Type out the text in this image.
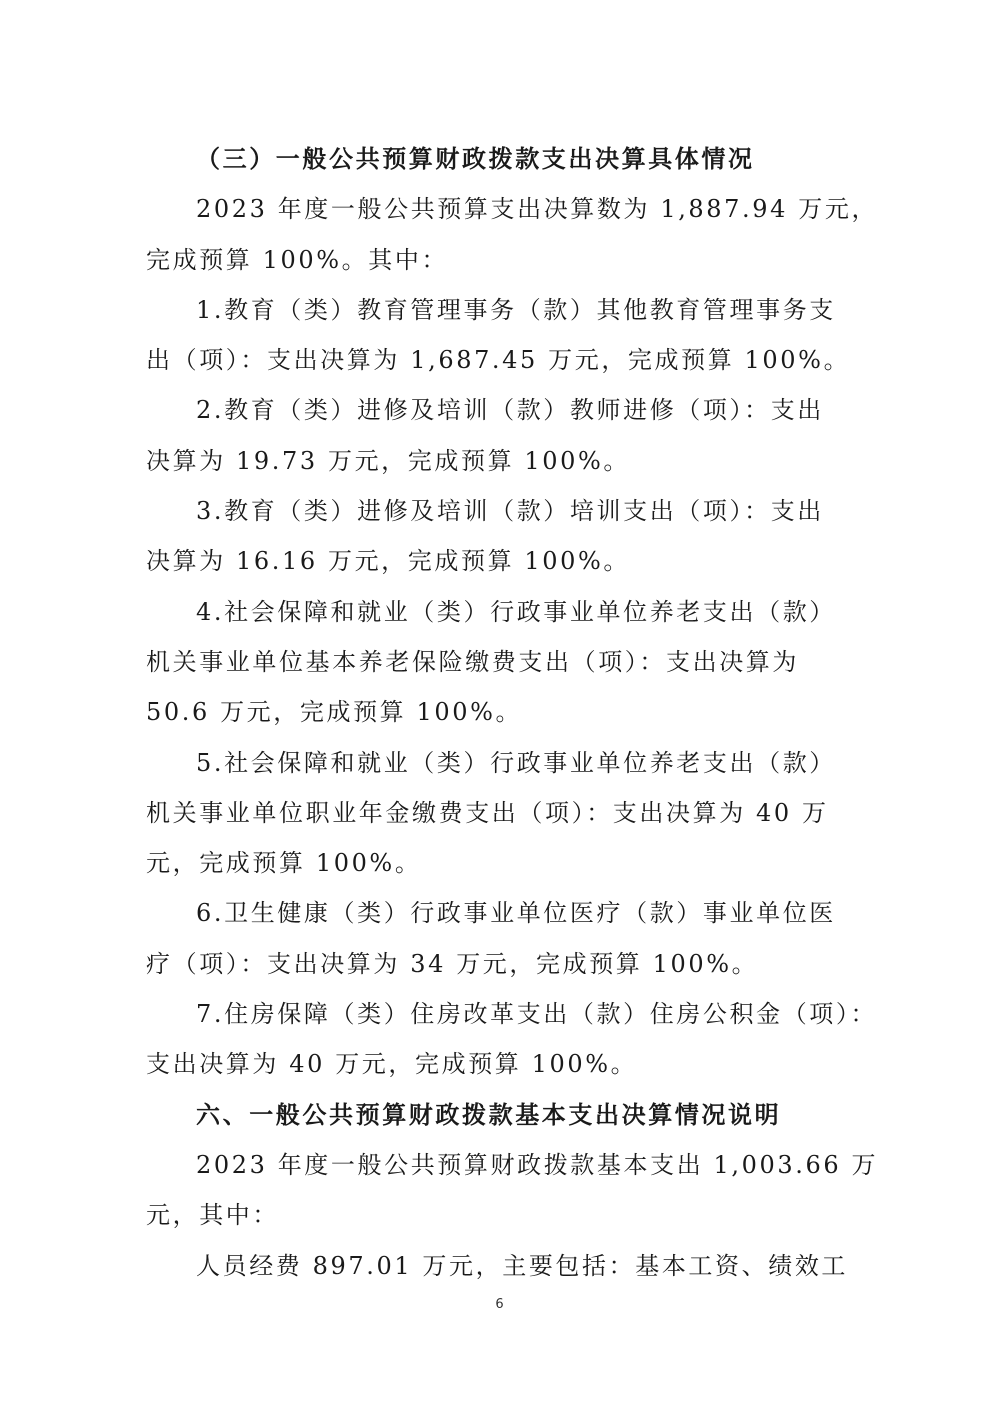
（三）一般公共预算财政拨款支出决算具体情况
2023 年度一般公共预算支出决算数为 1,887.94 万元，
完成预算 100%。其中：
1.教育（类）教育管理事务（款）其他教育管理事务支
出（项）：支出决算为 1,687.45 万元，完成预算 100%。
2.教育（类）进修及培训（款）教师进修（项）：支出
决算为 19.73 万元，完成预算 100%。
3.教育（类）进修及培训（款）培训支出（项）：支出
决算为 16.16 万元，完成预算 100%。
4.社会保障和就业（类）行政事业单位养老支出（款）
机关事业单位基本养老保险缴费支出（项）：支出决算为
50.6 万元，完成预算 100%。
5.社会保障和就业（类）行政事业单位养老支出（款）
机关事业单位职业年金缴费支出（项）：支出决算为 40 万
元，完成预算 100%。
6.卫生健康（类）行政事业单位医疗（款）事业单位医
疗（项）：支出决算为 34 万元，完成预算 100%。
7.住房保障（类）住房改革支出（款）住房公积金（项）：
支出决算为 40 万元，完成预算 100%。
六、一般公共预算财政拨款基本支出决算情况说明
2023 年度一般公共预算财政拨款基本支出 1,003.66 万
元，其中：
人员经费 897.01 万元，主要包括：基本工资、绩效工
6
